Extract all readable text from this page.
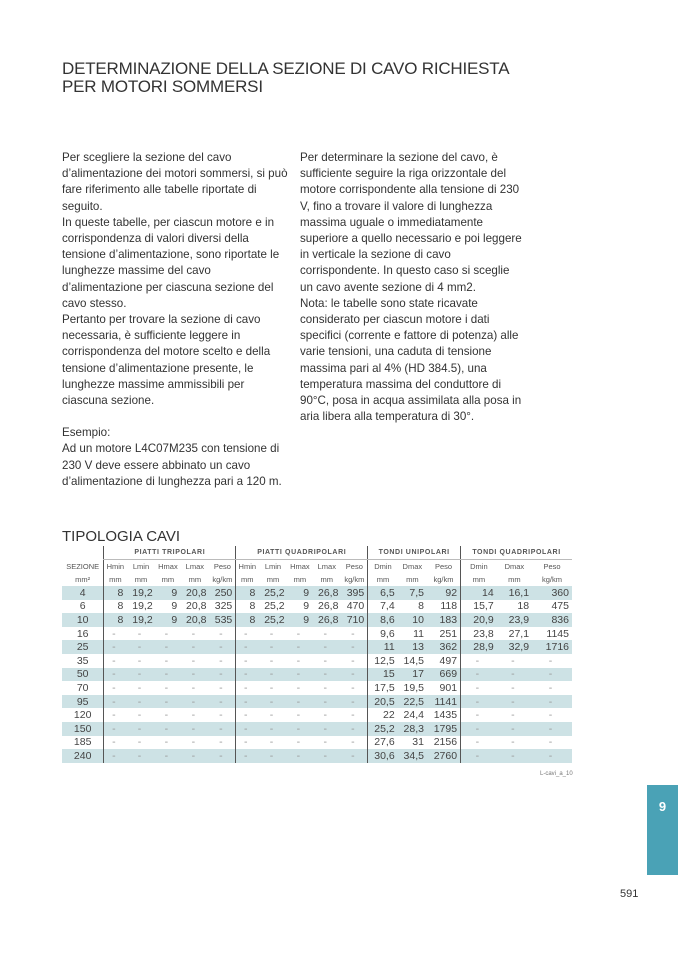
DETERMINAZIONE DELLA SEZIONE DI CAVO RICHIESTA PER MOTORI SOMMERSI

Per scegliere la sezione del cavo d’alimentazione dei motori sommersi, si può fare riferimento alle tabelle riportate di seguito.

In queste tabelle, per ciascun motore e in corrispondenza di valori diversi della tensione d’alimentazione, sono riportate le lunghezze massime del cavo d’alimentazione per ciascuna sezione del cavo stesso.

Pertanto per trovare la sezione di cavo necessaria, è sufficiente leggere in corrispondenza del motore scelto e della tensione d’alimentazione presente, le lunghezze massime ammissibili per ciascuna sezione.

Esempio:

Ad un motore L4C07M235 con tensione di 230 V deve essere abbinato un cavo d’alimentazione di lunghezza pari a 120 m.

Per determinare la sezione del cavo, è sufficiente seguire la riga orizzontale del motore corrispondente alla tensione di 230 V, fino a trovare il valore di lunghezza massima uguale o immediatamente superiore a quello necessario e poi leggere in verticale la sezione di cavo corrispondente. In questo caso si sceglie un cavo avente sezione di 4 mm2.

Nota: le tabelle sono state ricavate considerato per ciascun motore i dati specifici (corrente e fattore di potenza) alle varie tensioni, una caduta di tensione massima pari al 4% (HD 384.5), una temperatura massima del conduttore di 90°C, posa in acqua assimilata alla posa in aria libera alla temperatura di 30°.

TIPOLOGIA CAVI
	PIATTI TRIPOLARI					PIATTI QUADRIPOLARI					TONDI UNIPOLARI			TONDI QUADRIPOLARI		
SEZIONE	Hmin	Lmin	Hmax	Lmax	Peso	Hmin	Lmin	Hmax	Lmax	Peso	Dmin	Dmax	Peso	Dmin	Dmax	Peso
mm²	mm	mm	mm	mm	kg/km	mm	mm	mm	mm	kg/km	mm	mm	kg/km	mm	mm	kg/km
4	8	19,2	9	20,8	250	8	25,2	9	26,8	395	6,5	7,5	92	14	16,1	360
6	8	19,2	9	20,8	325	8	25,2	9	26,8	470	7,4	8	118	15,7	18	475
10	8	19,2	9	20,8	535	8	25,2	9	26,8	710	8,6	10	183	20,9	23,9	836
16	-	-	-	-	-	-	-	-	-	-	9,6	11	251	23,8	27,1	1145
25	-	-	-	-	-	-	-	-	-	-	11	13	362	28,9	32,9	1716
35	-	-	-	-	-	-	-	-	-	-	12,5	14,5	497	-	-	-
50	-	-	-	-	-	-	-	-	-	-	15	17	669	-	-	-
70	-	-	-	-	-	-	-	-	-	-	17,5	19,5	901	-	-	-
95	-	-	-	-	-	-	-	-	-	-	20,5	22,5	1141	-	-	-
120	-	-	-	-	-	-	-	-	-	-	22	24,4	1435	-	-	-
150	-	-	-	-	-	-	-	-	-	-	25,2	28,3	1795	-	-	-
185	-	-	-	-	-	-	-	-	-	-	27,6	31	2156	-	-	-
240	-	-	-	-	-	-	-	-	-	-	30,6	34,5	2760	-	-	-
L-cavi_a_10
9
591
